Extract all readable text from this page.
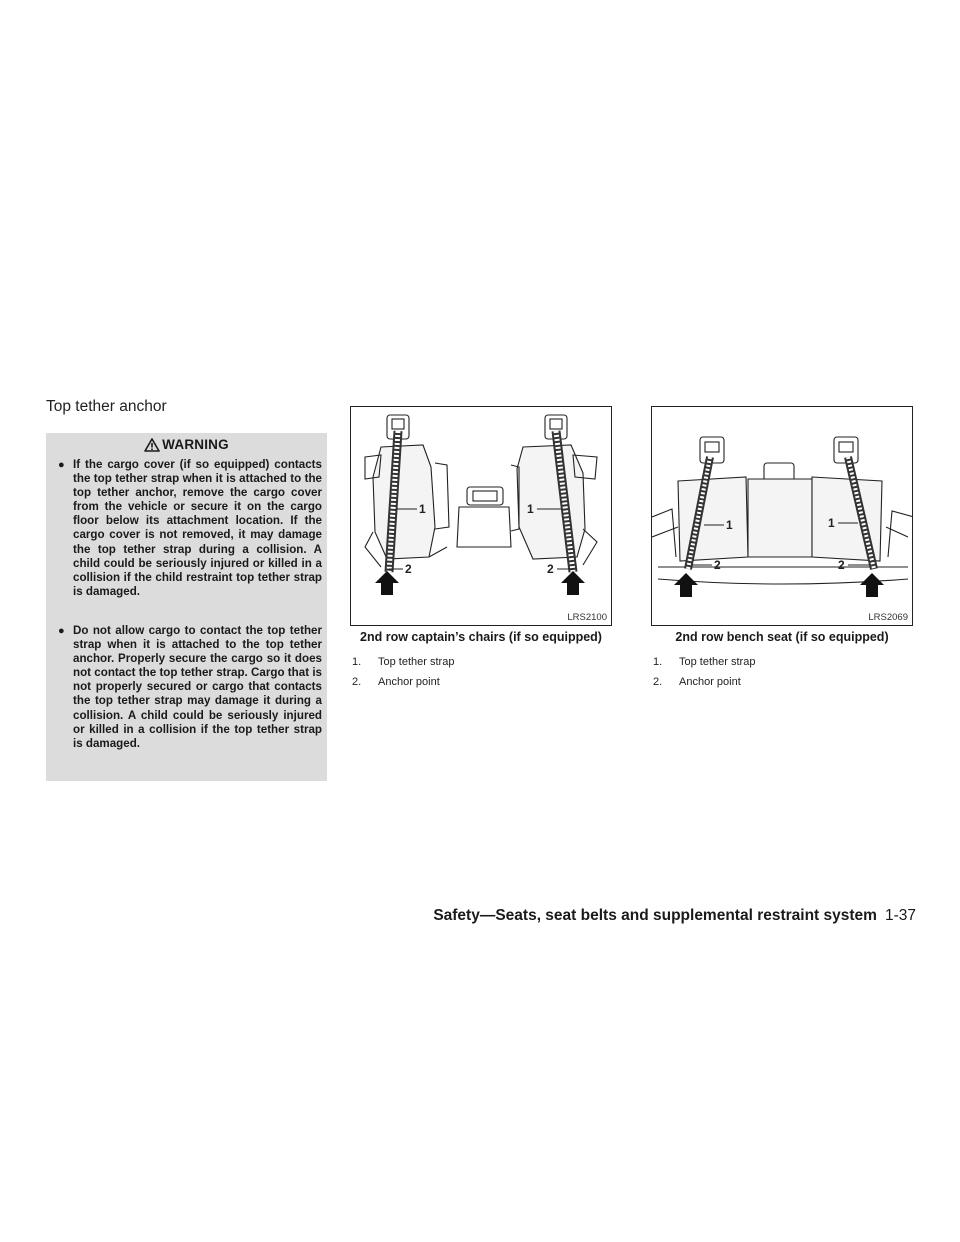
Top tether anchor
WARNING
● If the cargo cover (if so equipped) contacts the top tether strap when it is attached to the top tether anchor, remove the cargo cover from the vehicle or secure it on the cargo floor below its attachment location. If the cargo cover is not removed, it may damage the top tether strap during a collision. A child could be seriously injured or killed in a collision if the child restraint top tether strap is damaged.
● Do not allow cargo to contact the top tether strap when it is attached to the top tether anchor. Properly secure the cargo so it does not contact the top tether strap. Cargo that is not properly secured or cargo that contacts the top tether strap may damage it during a collision. A child could be seriously injured or killed in a collision if the top tether strap is damaged.
1	1
2	2
LRS2100
2nd row captain’s chairs (if so equipped)
1. Top tether strap
2. Anchor point
1	1
2	2
LRS2069
2nd row bench seat (if so equipped)
1. Top tether strap
2. Anchor point
Safety—Seats, seat belts and supplemental restraint system 1-37
